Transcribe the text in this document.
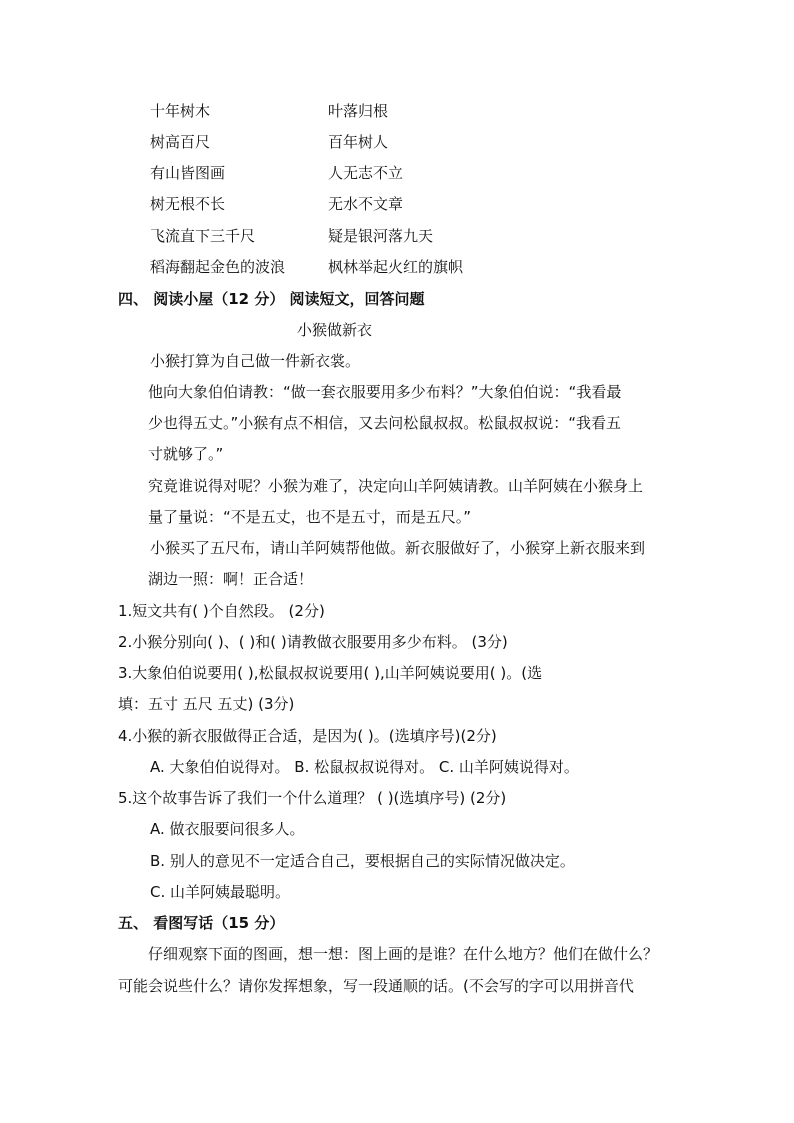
十年树木	叶落归根
树高百尺	百年树人
有山皆图画	人无志不立
树无根不长	无水不文章
飞流直下三千尺	疑是银河落九天
稻海翻起金色的波浪	枫林举起火红的旗帜
四、 阅读小屋（12 分） 阅读短文，回答问题
小猴做新衣
小猴打算为自己做一件新衣裳。
他向大象伯伯请教：“做一套衣服要用多少布料？”大象伯伯说：“我看最
少也得五丈。”小猴有点不相信，又去问松鼠叔叔。松鼠叔叔说：“我看五
寸就够了。”
究竟谁说得对呢？小猴为难了，决定向山羊阿姨请教。山羊阿姨在小猴身上
量了量说：“不是五丈，也不是五寸，而是五尺。”
小猴买了五尺布，请山羊阿姨帮他做。新衣服做好了，小猴穿上新衣服来到
湖边一照：啊！正合适！
1.短文共有( )个自然段。 (2分)
2.小猴分别向( )、( )和( )请教做衣服要用多少布料。 (3分)
3.大象伯伯说要用( ),松鼠叔叔说要用( ),山羊阿姨说要用( )。(选
填：五寸 五尺 五丈) (3分)
4.小猴的新衣服做得正合适，是因为( )。(选填序号)(2分)
A. 大象伯伯说得对。 B. 松鼠叔叔说得对。 C. 山羊阿姨说得对。
5.这个故事告诉了我们一个什么道理？ ( )(选填序号) (2分)
A. 做衣服要问很多人。
B. 别人的意见不一定适合自己，要根据自己的实际情况做决定。
C. 山羊阿姨最聪明。
五、 看图写话（15 分）
仔细观察下面的图画，想一想：图上画的是谁？在什么地方？他们在做什么？
可能会说些什么？请你发挥想象，写一段通顺的话。(不会写的字可以用拼音代
